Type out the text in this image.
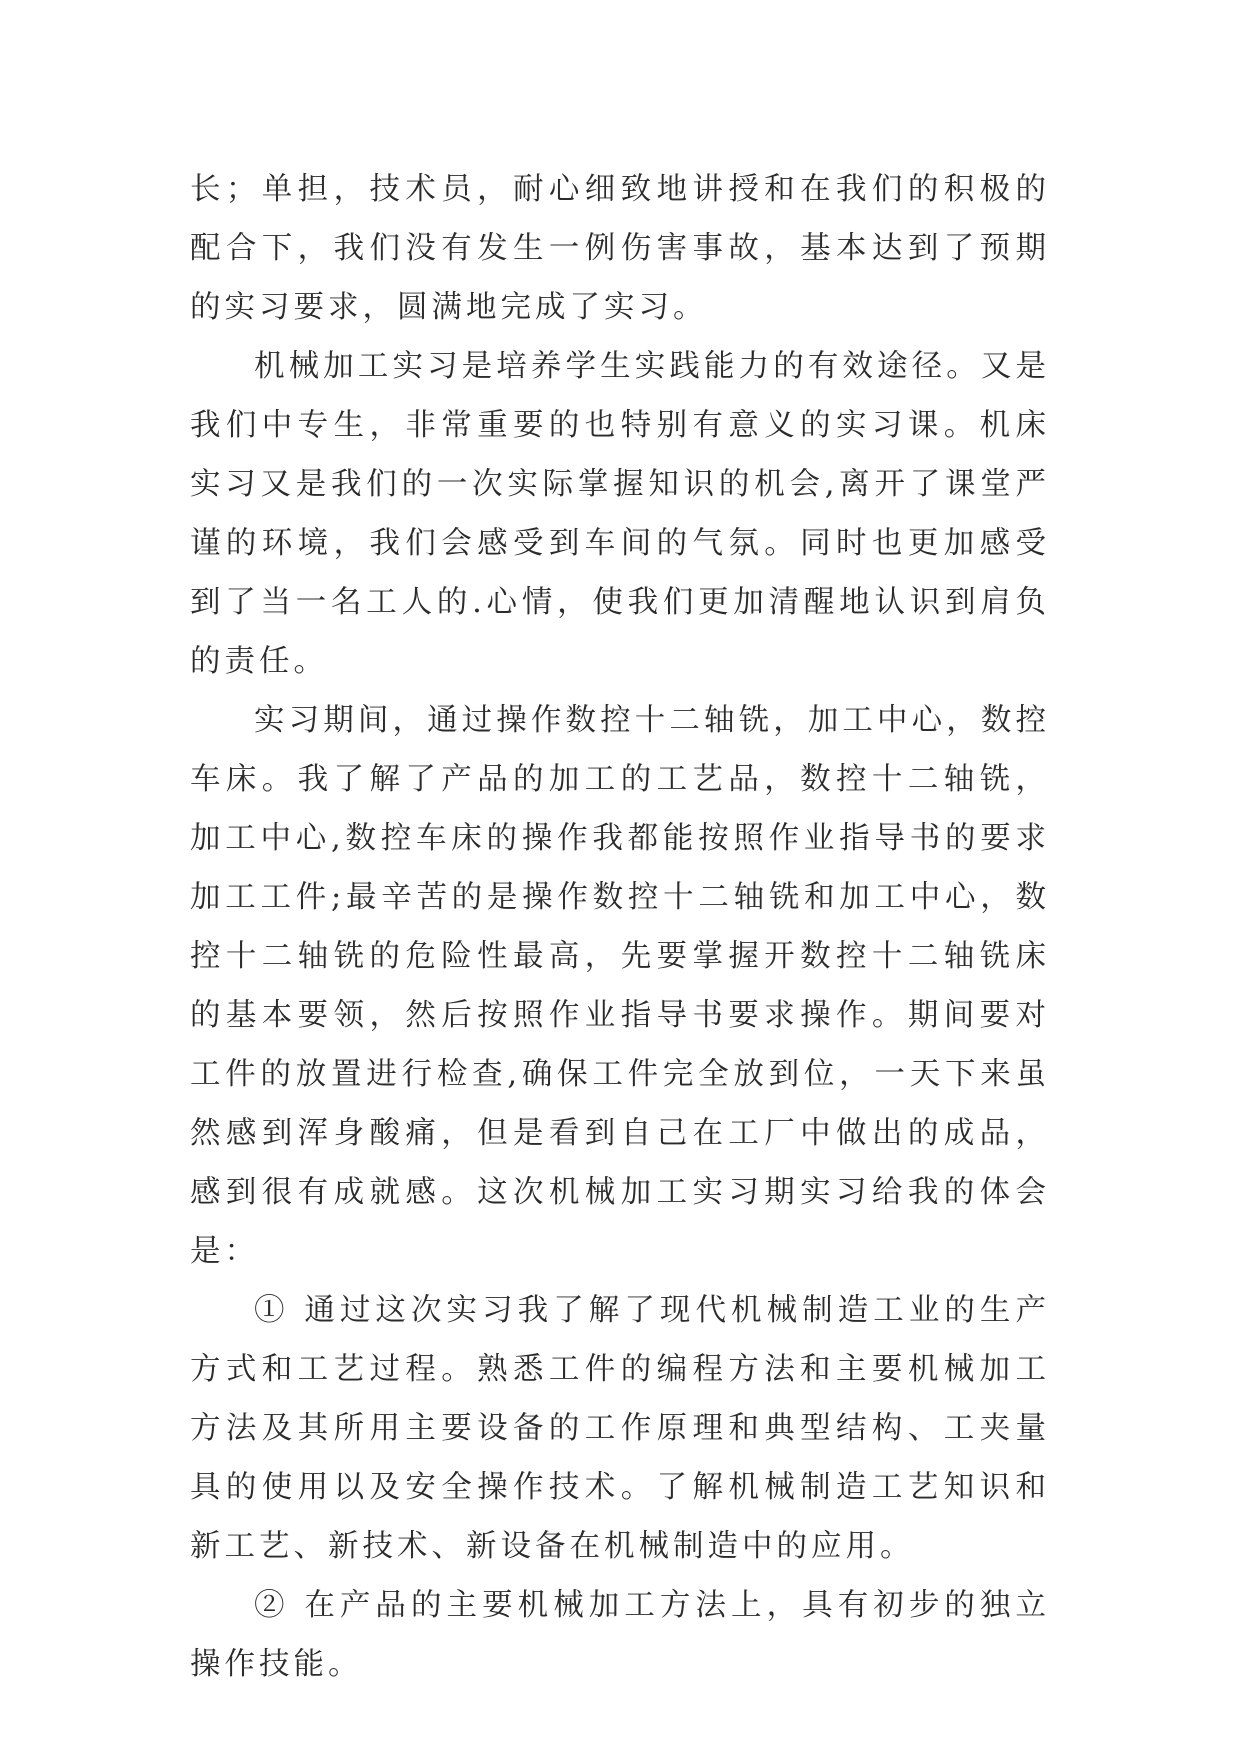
长；单担，技术员，耐心细致地讲授和在我们的积极的配合下，我们没有发生一例伤害事故，基本达到了预期的实习要求，圆满地完成了实习。

机械加工实习是培养学生实践能力的有效途径。又是我们中专生，非常重要的也特别有意义的实习课。机床实习又是我们的一次实际掌握知识的机会,离开了课堂严谨的环境，我们会感受到车间的气氛。同时也更加感受到了当一名工人的.心情，使我们更加清醒地认识到肩负的责任。

实习期间，通过操作数控十二轴铣，加工中心，数控车床。我了解了产品的加工的工艺品，数控十二轴铣，加工中心,数控车床的操作我都能按照作业指导书的要求加工工件;最辛苦的是操作数控十二轴铣和加工中心，数控十二轴铣的危险性最高，先要掌握开数控十二轴铣床的基本要领，然后按照作业指导书要求操作。期间要对工件的放置进行检查,确保工件完全放到位，一天下来虽然感到浑身酸痛，但是看到自己在工厂中做出的成品，感到很有成就感。这次机械加工实习期实习给我的体会是：

① 通过这次实习我了解了现代机械制造工业的生产方式和工艺过程。熟悉工件的编程方法和主要机械加工方法及其所用主要设备的工作原理和典型结构、工夹量具的使用以及安全操作技术。了解机械制造工艺知识和新工艺、新技术、新设备在机械制造中的应用。

② 在产品的主要机械加工方法上，具有初步的独立操作技能。
